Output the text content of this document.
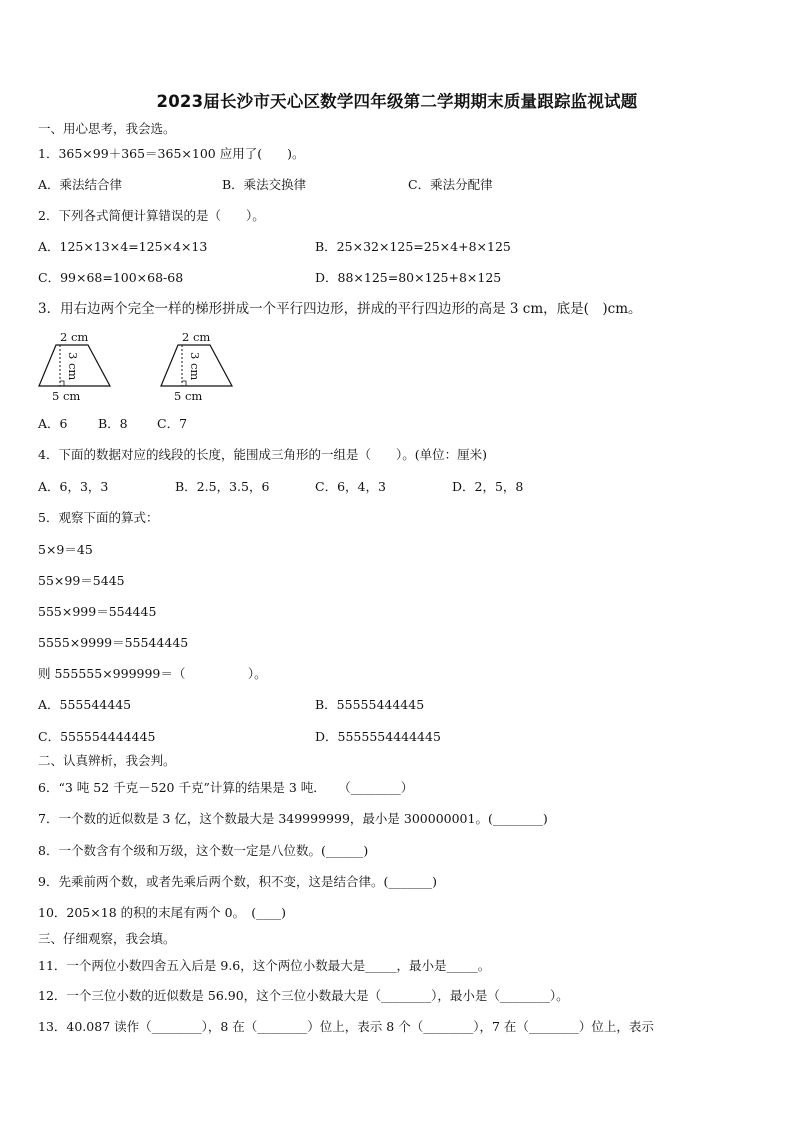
2023届长沙市天心区数学四年级第二学期期末质量跟踪监视试题
一、用心思考，我会选。
1．365×99＋365＝365×100 应用了(　　)。
A．乘法结合律	B．乘法交换律	C．乘法分配律
2．下列各式简便计算错误的是（　　）。
A．125×13×4=125×4×13	B．25×32×125=25×4+8×125
C．99×68=100×68-68	D．88×125=80×125+8×125
3．用右边两个完全一样的梯形拼成一个平行四边形，拼成的平行四边形的高是 3 cm，底是(　)cm。
2 cm
3 cm
5 cm
2 cm
3 cm
5 cm
A．6 B．8 C．7
4．下面的数据对应的线段的长度，能围成三角形的一组是（　　）。(单位：厘米)
A．6，3，3	B．2.5，3.5，6	C．6，4，3	D．2，5，8
5．观察下面的算式：
5×9＝45
55×99＝5445
555×999＝554445
5555×9999＝55544445
则 555555×999999＝（　　　　　）。
A．555544445	B．55555444445
C．555554444445	D．5555554444445
二、认真辨析，我会判。
6．“3 吨 52 千克－520 千克”计算的结果是 3 吨．　　（________）
7．一个数的近似数是 3 亿，这个数最大是 349999999，最小是 300000001。(________)
8．一个数含有个级和万级，这个数一定是八位数。(______)
9．先乘前两个数，或者先乘后两个数，积不变，这是结合律。(_______)
10．205×18 的积的末尾有两个 0。　(____)
三、仔细观察，我会填。
11．一个两位小数四舍五入后是 9.6，这个两位小数最大是_____，最小是_____。
12．一个三位小数的近似数是 56.90，这个三位小数最大是（________），最小是（________）。
13．40.087 读作（________），8 在（________）位上，表示 8 个（________），7 在（________）位上，表示
